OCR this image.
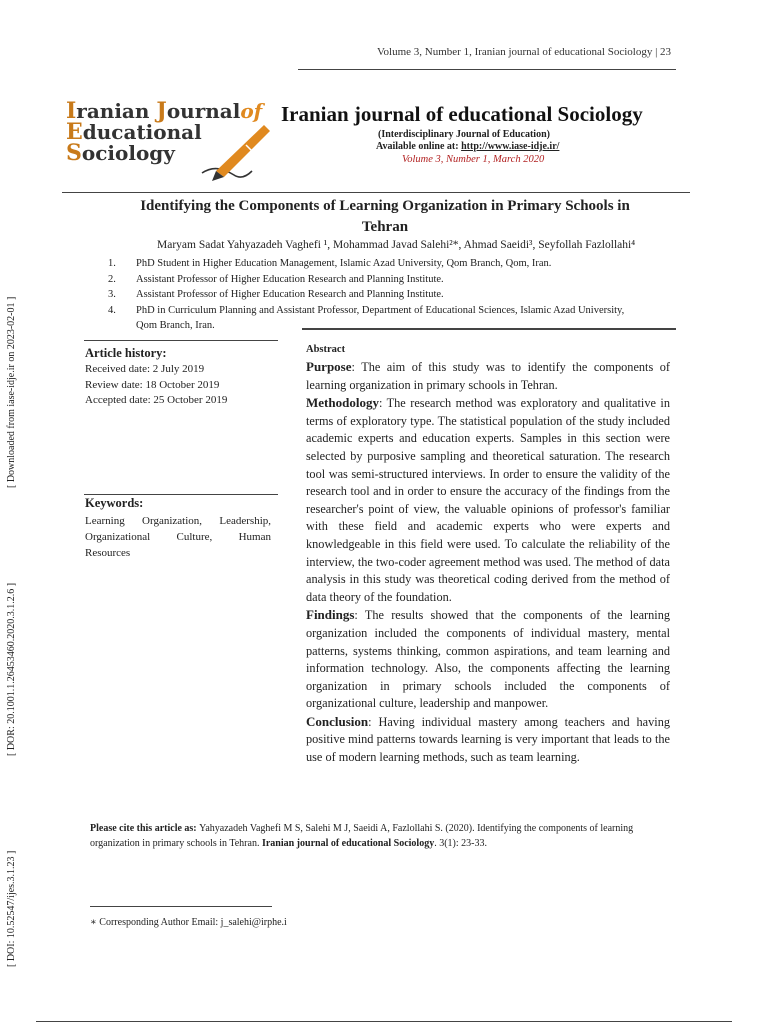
Volume 3, Number 1, Iranian journal of educational Sociology | 23
Iranian Journalof
Educational
Sociology
Iranian journal of educational Sociology
(Interdisciplinary Journal of Education)
Available online at: http://www.iase-idje.ir/
Volume 3, Number 1, March 2020
[ Downloaded from iase-idje.ir on 2023-02-01 ]
[ DOR: 20.1001.1.26453460.2020.3.1.2.6 ]
[ DOI: 10.52547/ijes.3.1.23 ]
Identifying the Components of Learning Organization in Primary Schools in
Tehran
Maryam Sadat Yahyazadeh Vaghefi ¹, Mohammad Javad Salehi²*, Ahmad Saeidi³, Seyfollah Fazlollahi⁴
1.	PhD Student in Higher Education Management, Islamic Azad University, Qom Branch, Qom, Iran.
2.	Assistant Professor of Higher Education Research and Planning Institute.
3.	Assistant Professor of Higher Education Research and Planning Institute.
4.	PhD in Curriculum Planning and Assistant Professor, Department of Educational Sciences, Islamic Azad University,
Qom Branch, Iran.
Article history:
Received date: 2 July 2019
Review date: 18 October 2019
Accepted date: 25 October 2019
Keywords:
Learning Organization, Leadership, Organizational Culture, Human Resources
Abstract
Purpose: The aim of this study was to identify the components of learning organization in primary schools in Tehran.
Methodology: The research method was exploratory and qualitative in terms of exploratory type. The statistical population of the study included academic experts and education experts. Samples in this section were selected by purposive sampling and theoretical saturation. The research tool was semi-structured interviews. In order to ensure the validity of the research tool and in order to ensure the accuracy of the findings from the researcher's point of view, the valuable opinions of professor's familiar with these field and academic experts who were experts and knowledgeable in this field were used. To calculate the reliability of the interview, the two-coder agreement method was used. The method of data analysis in this study was theoretical coding derived from the method of data theory of the foundation.
Findings: The results showed that the components of the learning organization included the components of individual mastery, mental patterns, systems thinking, common aspirations, and team learning and information technology. Also, the components affecting the learning organization in primary schools included the components of organizational culture, leadership and manpower.
Conclusion: Having individual mastery among teachers and having positive mind patterns towards learning is very important that leads to the use of modern learning methods, such as team learning.
Please cite this article as: Yahyazadeh Vaghefi M S, Salehi M J, Saeidi A, Fazlollahi S. (2020). Identifying the components of learning organization in primary schools in Tehran. Iranian journal of educational Sociology. 3(1): 23-33.
∗ Corresponding Author Email: j_salehi@irphe.i
